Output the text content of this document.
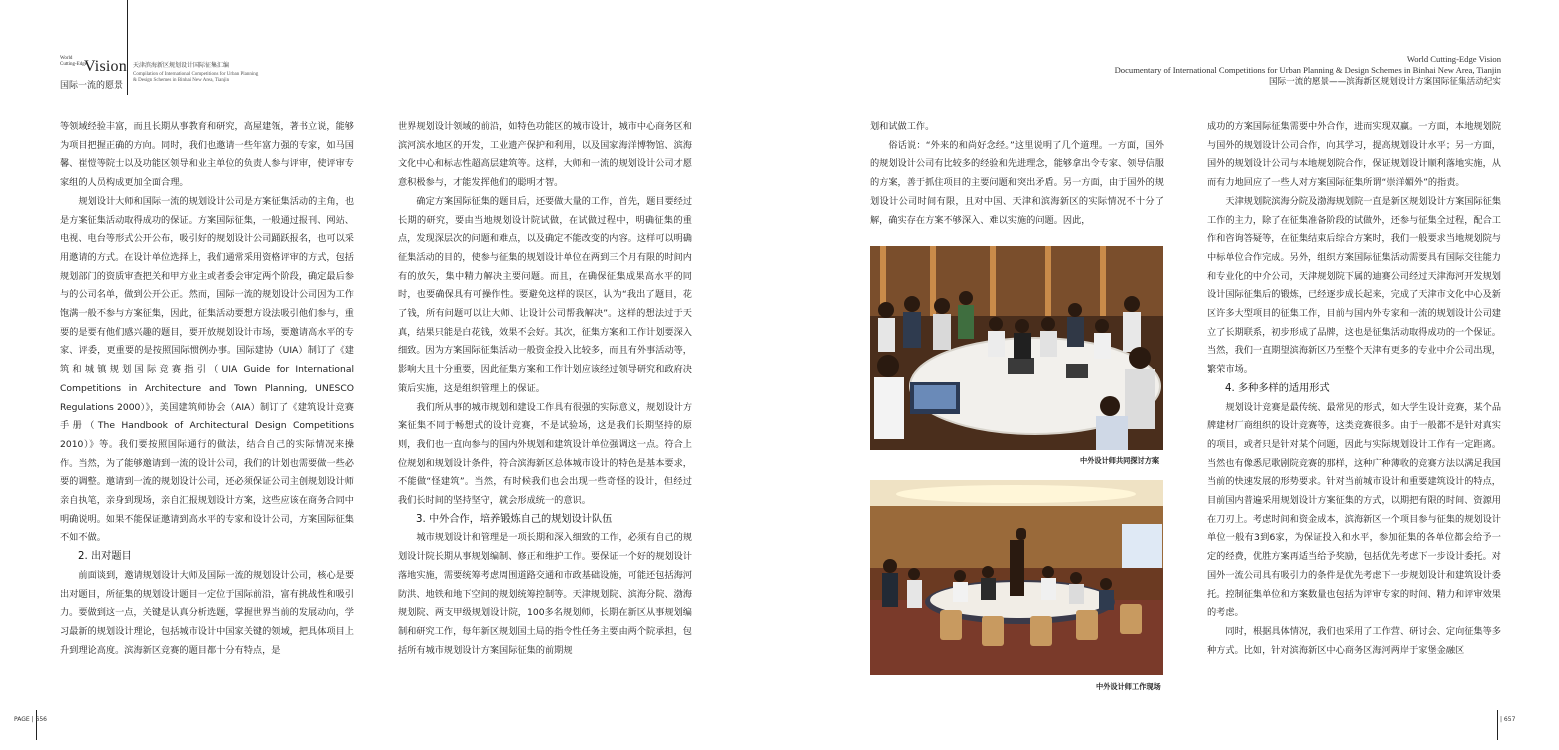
World
Cutting-Edge
Vision
国际一流的愿景
天津滨海新区规划设计国际征集汇编
Compilation of International Competitions for Urban Planning & Design Schemes in Binhai New Area, Tianjin
World Cutting-Edge Vision
Documentary of International Competitions for Urban Planning & Design Schemes in Binhai New Area, Tianjin
国际一流的愿景——滨海新区规划设计方案国际征集活动纪实

等领域经验丰富，而且长期从事教育和研究，高屋建瓴，著书立说，能够为项目把握正确的方向。同时，我们也邀请一些年富力强的专家，如马国馨、崔愷等院士以及功能区领导和业主单位的负责人参与评审，使评审专家组的人员构成更加全面合理。

规划设计大师和国际一流的规划设计公司是方案征集活动的主角，也是方案征集活动取得成功的保证。方案国际征集，一般通过报刊、网站、电视、电台等形式公开公布，吸引好的规划设计公司踊跃报名，也可以采用邀请的方式。在设计单位选择上，我们通常采用资格评审的方式，包括规划部门的资质审查把关和甲方业主或者委会审定两个阶段，确定最后参与的公司名单，做到公开公正。然而，国际一流的规划设计公司因为工作饱满一般不参与方案征集，因此，征集活动要想方设法吸引他们参与，重要的是要有他们感兴趣的题目，要开放规划设计市场，要邀请高水平的专家、评委，更重要的是按照国际惯例办事。国际建协（UIA）制订了《建筑和城镇规划国际竞赛指引（UIA Guide for International Competitions in Architecture and Town Planning, UNESCO Regulations 2000）》，美国建筑师协会（AIA）制订了《建筑设计竞赛手册（The Handbook of Architectural Design Competitions 2010）》等。我们要按照国际通行的做法，结合自己的实际情况来操作。当然，为了能够邀请到一流的设计公司，我们的计划也需要做一些必要的调整。邀请到一流的规划设计公司，还必须保证公司主创规划设计师亲自执笔，亲身到现场，亲自汇报规划设计方案，这些应该在商务合同中明确说明。如果不能保证邀请到高水平的专家和设计公司，方案国际征集不如不做。

2. 出对题目

前面谈到，邀请规划设计大师及国际一流的规划设计公司，核心是要出对题目，所征集的规划设计题目一定位于国际前沿，富有挑战性和吸引力。要做到这一点，关键是认真分析选题，掌握世界当前的发展动向，学习最新的规划设计理论，包括城市设计中国家关键的领域，把具体项目上升到理论高度。滨海新区竞赛的题目都十分有特点，是

世界规划设计领域的前沿，如特色功能区的城市设计，城市中心商务区和滨河滨水地区的开发，工业遗产保护和利用，以及国家海洋博物馆、滨海文化中心和标志性超高层建筑等。这样，大师和一流的规划设计公司才愿意积极参与，才能发挥他们的聪明才智。

确定方案国际征集的题目后，还要做大量的工作，首先，题目要经过长期的研究，要由当地规划设计院试做，在试做过程中，明确征集的重点，发现深层次的问题和难点，以及确定不能改变的内容。这样可以明确征集活动的目的，使参与征集的规划设计单位在两到三个月有限的时间内有的放矢，集中精力解决主要问题。而且，在确保征集成果高水平的同时，也要确保具有可操作性。要避免这样的误区，认为“我出了题目，花了钱，所有问题可以让大师、让设计公司帮我解决”。这样的想法过于天真，结果只能是白花钱，效果不会好。其次，征集方案和工作计划要深入细致。因为方案国际征集活动一般资金投入比较多，而且有外事活动等，影响大且十分重要，因此征集方案和工作计划应该经过领导研究和政府决策后实施，这是组织管理上的保证。

我们所从事的城市规划和建设工作具有很强的实际意义，规划设计方案征集不同于畅想式的设计竞赛，不是试验场，这是我们长期坚持的原则，我们也一直向参与的国内外规划和建筑设计单位强调这一点。符合上位规划和规划设计条件，符合滨海新区总体城市设计的特色是基本要求，不能做“怪建筑”。当然，有时候我们也会出现一些奇怪的设计，但经过我们长时间的坚持坚守，就会形成统一的意识。

3. 中外合作，培养锻炼自己的规划设计队伍

城市规划设计和管理是一项长期和深入细致的工作，必须有自己的规划设计院长期从事规划编制、修正和维护工作。要保证一个好的规划设计落地实施，需要统筹考虑周围道路交通和市政基础设施，可能还包括海河防洪、地铁和地下空间的规划统筹控制等。天津规划院、滨海分院、渤海规划院、两支甲级规划设计院，100多名规划师，长期在新区从事规划编制和研究工作，每年新区规划国土局的指令性任务主要由两个院承担，包括所有城市规划设计方案国际征集的前期规

划和试做工作。

俗话说：“外来的和尚好念经。”这里说明了几个道理。一方面，国外的规划设计公司有比较多的经验和先进理念，能够拿出令专家、领导信服的方案，善于抓住项目的主要问题和突出矛盾。另一方面，由于国外的规划设计公司时间有限，且对中国、天津和滨海新区的实际情况不十分了解，确实存在方案不够深入、难以实施的问题。因此，

成功的方案国际征集需要中外合作，进而实现双赢。一方面，本地规划院与国外的规划设计公司合作，向其学习，提高规划设计水平；另一方面，国外的规划设计公司与本地规划院合作，保证规划设计顺利落地实施，从而有力地回应了一些人对方案国际征集所谓“崇洋媚外”的指责。

天津规划院滨海分院及渤海规划院一直是新区规划设计方案国际征集工作的主力，除了在征集准备阶段的试做外，还参与征集全过程，配合工作和咨询答疑等，在征集结束后综合方案时，我们一般要求当地规划院与中标单位合作完成。另外，组织方案国际征集活动需要具有国际交往能力和专业化的中介公司，天津规划院下属的迪赛公司经过天津海河开发规划设计国际征集后的锻炼，已经逐步成长起来，完成了天津市文化中心及新区许多大型项目的征集工作，目前与国内外专家和一流的规划设计公司建立了长期联系，初步形成了品牌，这也是征集活动取得成功的一个保证。当然，我们一直期望滨海新区乃至整个天津有更多的专业中介公司出现，繁荣市场。

4. 多种多样的适用形式

规划设计竞赛是最传统、最常见的形式，如大学生设计竞赛，某个品牌建材厂商组织的设计竞赛等，这类竞赛很多。由于一般都不是针对真实的项目，或者只是针对某个问题，因此与实际规划设计工作有一定距离。当然也有像悉尼歌剧院竞赛的那样，这种广种薄收的竞赛方法以满足我国当前的快速发展的形势要求。针对当前城市设计和重要建筑设计的特点，目前国内普遍采用规划设计方案征集的方式，以期把有限的时间、资源用在刀刃上。考虑时间和资金成本，滨海新区一个项目参与征集的规划设计单位一般有3到6家，为保证投入和水平，参加征集的各单位都会给予一定的经费，优胜方案再适当给予奖励，包括优先考虑下一步设计委托。对国外一流公司具有吸引力的条件是优先考虑下一步规划设计和建筑设计委托。控制征集单位和方案数量也包括为评审专家的时间、精力和评审效果的考虑。

同时，根据具体情况，我们也采用了工作营、研讨会、定向征集等多种方式。比如，针对滨海新区中心商务区海河两岸于家堡金融区

中外设计师共同探讨方案
中外设计师工作现场
PAGE | 656	| 657
